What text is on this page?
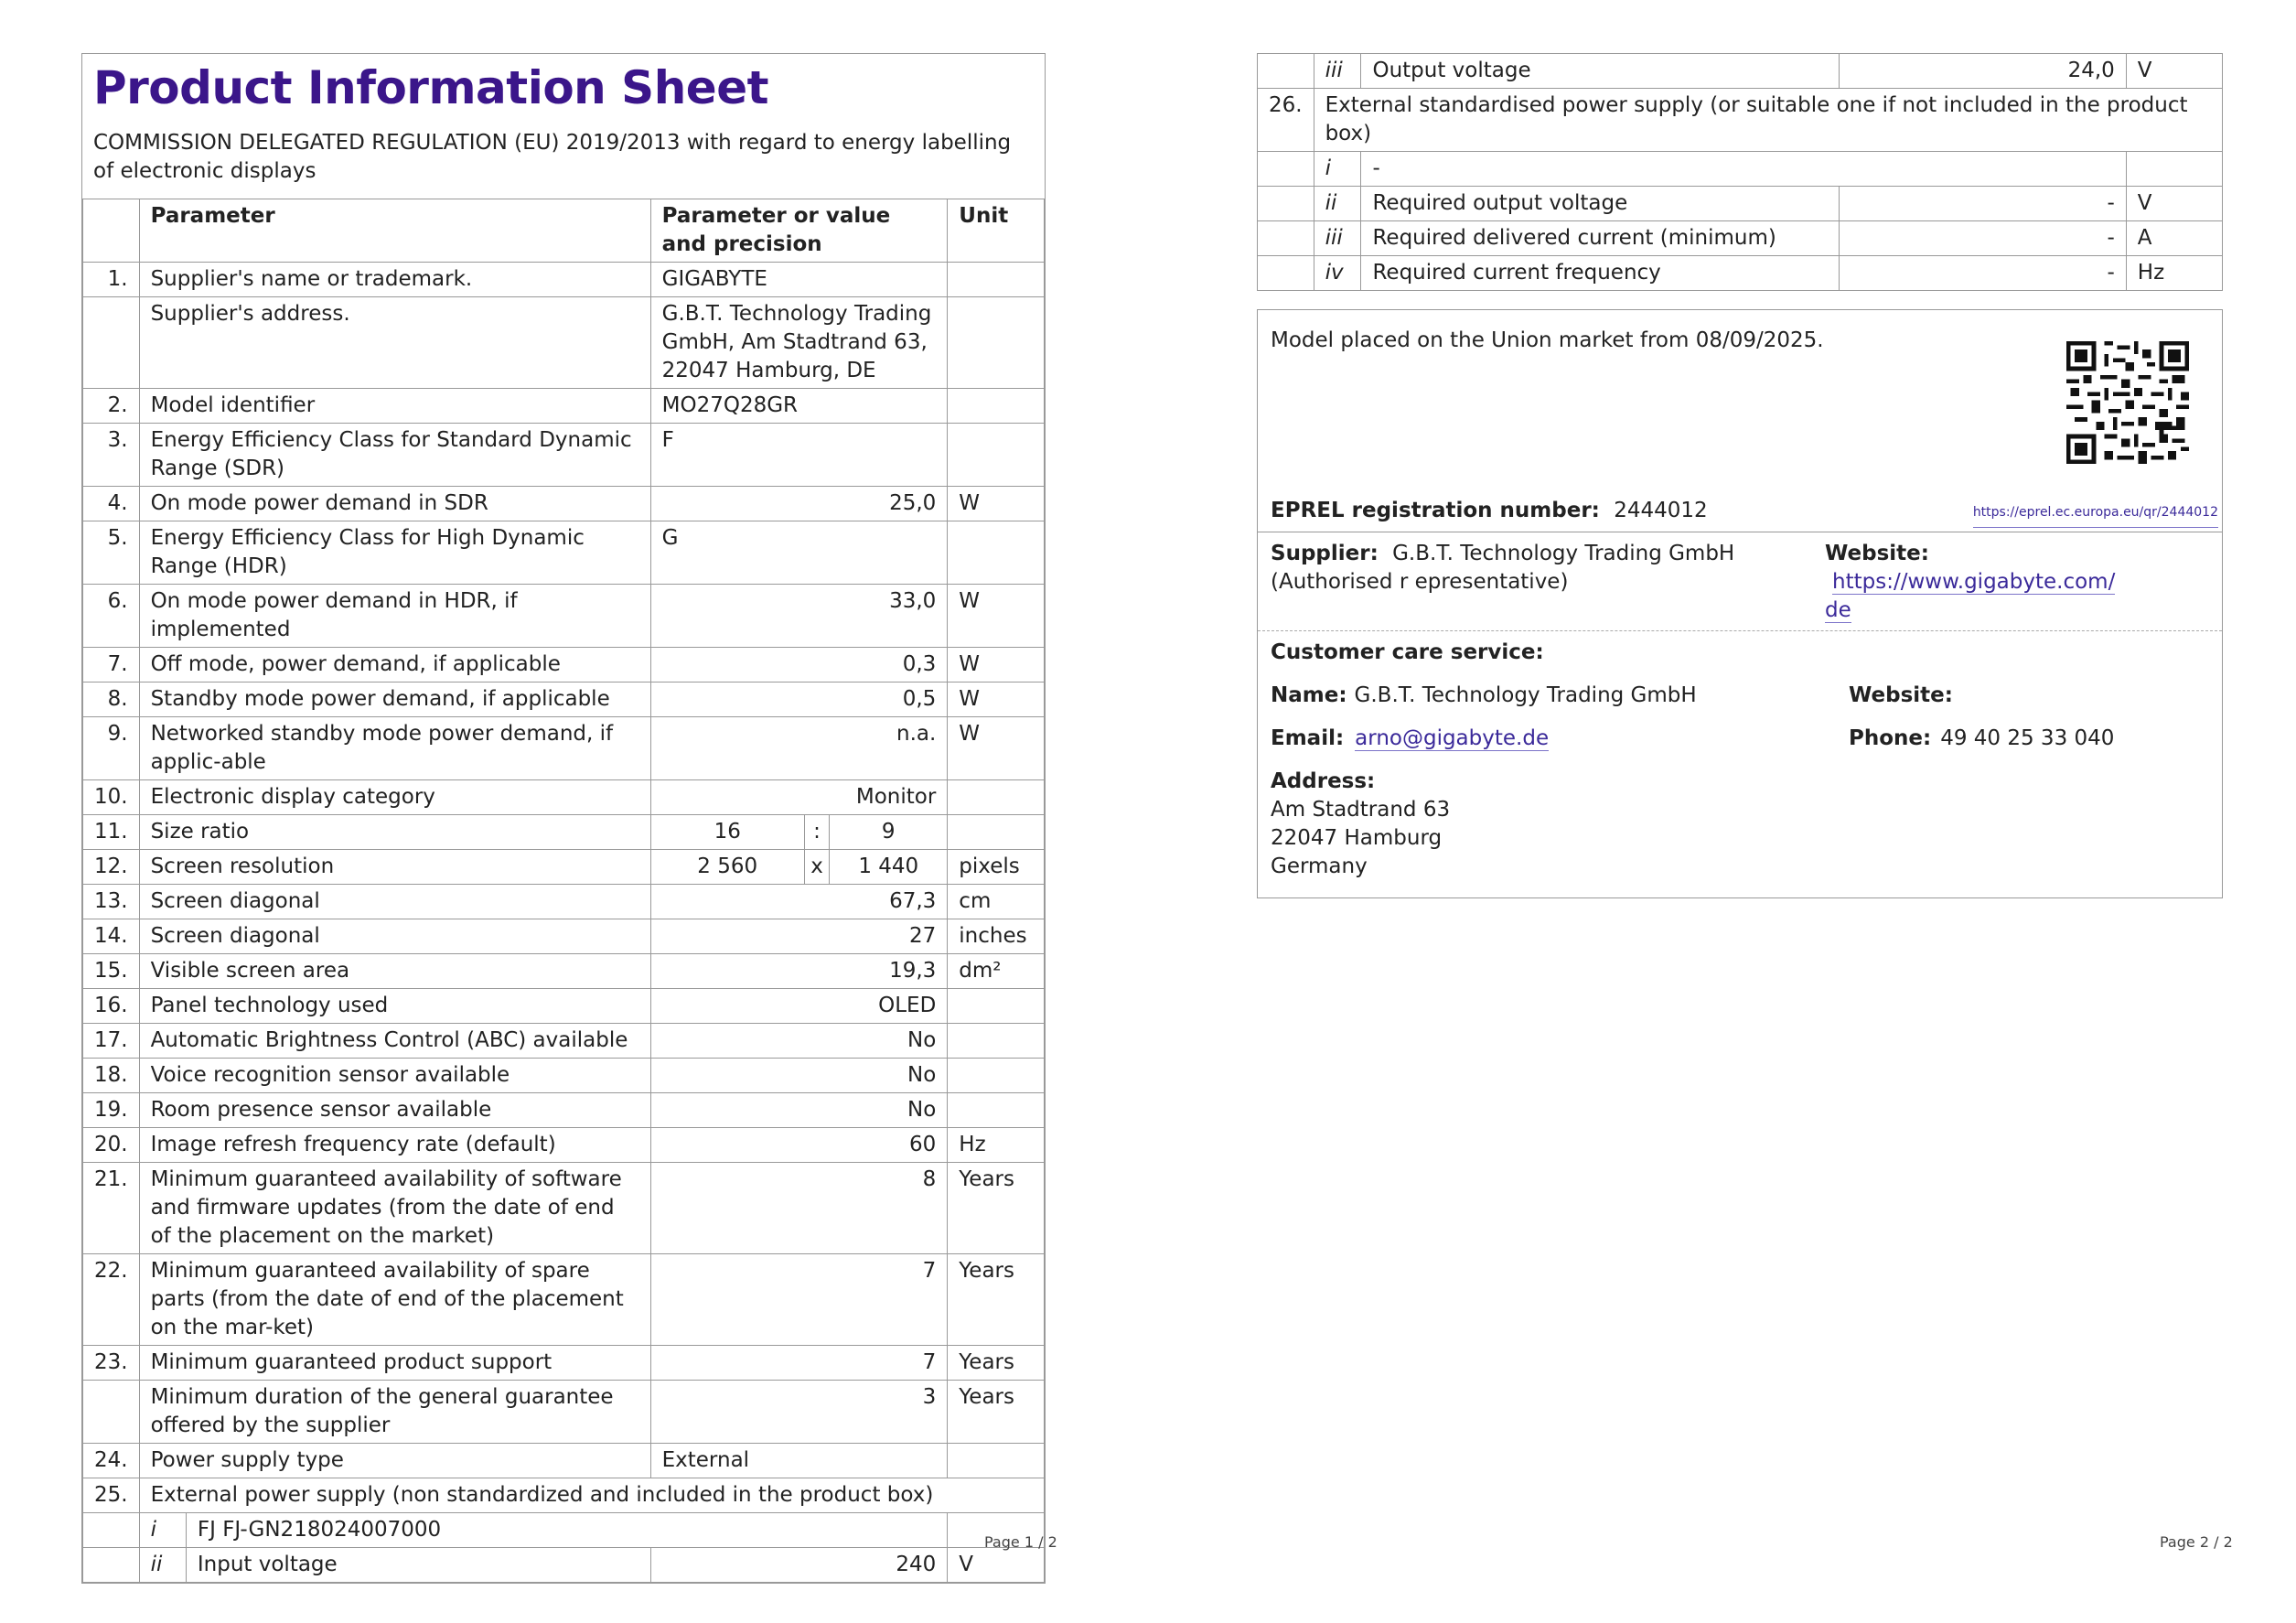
Product Information Sheet
COMMISSION DELEGATED REGULATION (EU) 2019/2013 with regard to energy labelling of electronic displays
	Parameter		Parameter or value and precision			Unit
1.	Supplier's name or trademark.		GIGABYTE			
	Supplier's address.		G.B.T. Technology Trading GmbH, Am Stadtrand 63, 22047 Hamburg, DE			
2.	Model identifier		MO27Q28GR			
3.	Energy Efficiency Class for Standard Dynamic Range (SDR)		F			
4.	On mode power demand in SDR		25,0			W
5.	Energy Efficiency Class for High Dynamic Range (HDR)		G			
6.	On mode power demand in HDR, if implemented		33,0			W
7.	Off mode, power demand, if applicable		0,3			W
8.	Standby mode power demand, if applicable		0,5			W
9.	Networked standby mode power demand, if applic-able		n.a.			W
10.	Electronic display category		Monitor			
11.	Size ratio		16	:	9	
12.	Screen resolution		2 560	x	1 440	pixels
13.	Screen diagonal		67,3			cm
14.	Screen diagonal		27			inches
15.	Visible screen area		19,3			dm²
16.	Panel technology used		OLED			
17.	Automatic Brightness Control (ABC) available		No			
18.	Voice recognition sensor available		No			
19.	Room presence sensor available		No			
20.	Image refresh frequency rate (default)		60			Hz
21.	Minimum guaranteed availability of software and firmware updates (from the date of end of the placement on the market)		8			Years
22.	Minimum guaranteed availability of spare parts (from the date of end of the placement on the mar-ket)		7			Years
23.	Minimum guaranteed product support		7			Years
	Minimum duration of the general guarantee offered by the supplier		3			Years
24.	Power supply type		External			
25.	External power supply (non standardized and included in the product box)					
	i	FJ FJ-GN218024007000				
	ii	Input voltage	240			V
Page 1 / 2
	iii	Output voltage	24,0	V
26.	External standardised power supply (or suitable one if not included in the product box)			
	i	-		
	ii	Required output voltage	-	V
	iii	Required delivered current (minimum)	-	A
	iv	Required current frequency	-	Hz
Model placed on the Union market from 08/09/2025.
EPREL registration number: 2444012	https://eprel.ec.europa.eu/qr/2444012
Supplier: G.B.T. Technology Trading GmbH (Authorised r epresentative)
Website: https://www.gigabyte.com/
de
Customer care service:
Name: G.B.T. Technology Trading GmbH	Website:
Email: arno@gigabyte.de	Phone: 49 40 25 33 040
Address:
Am Stadtrand 63
22047 Hamburg
Germany
Page 2 / 2
